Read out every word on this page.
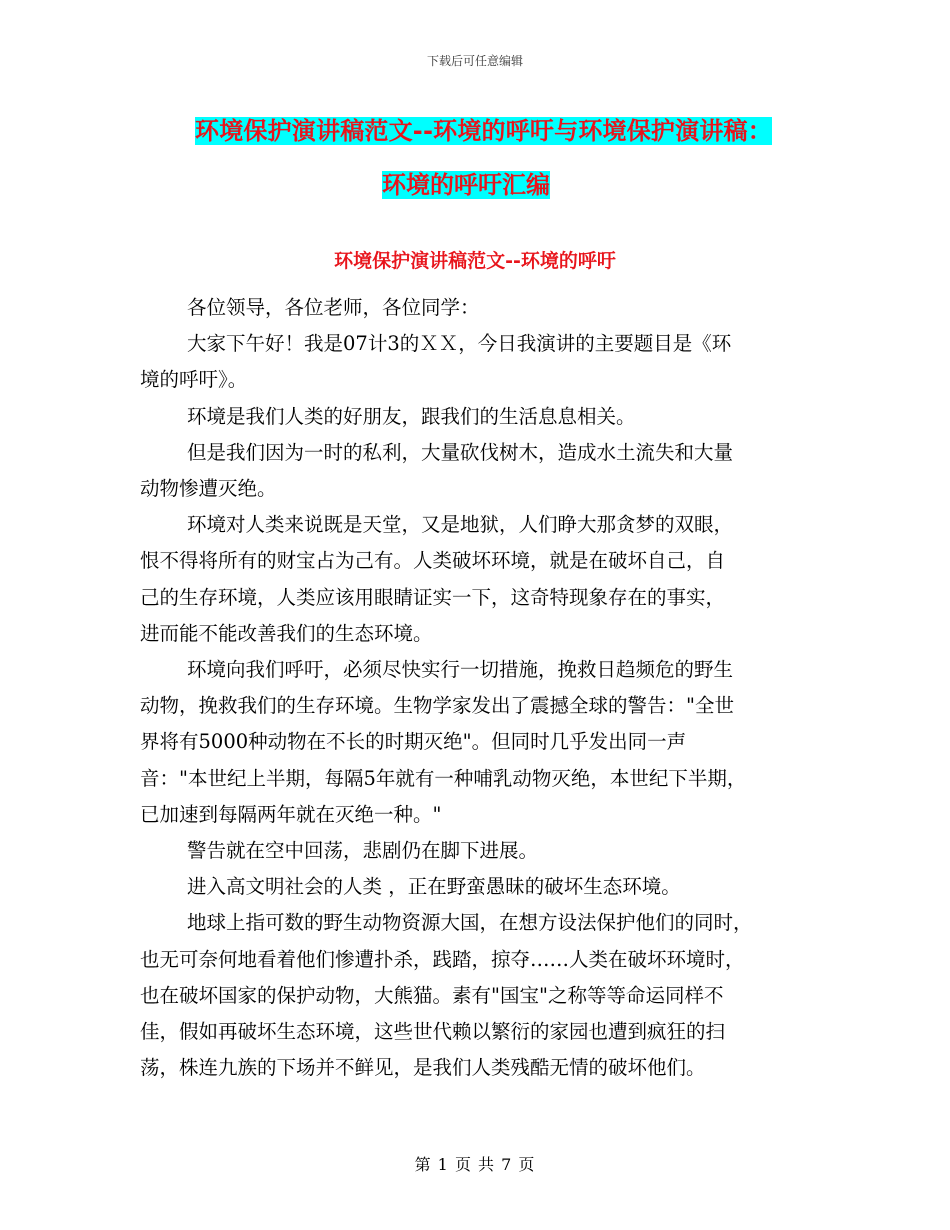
下载后可任意编辑
环境保护演讲稿范文--环境的呼吁与环境保护演讲稿：
环境的呼吁汇编
环境保护演讲稿范文--环境的呼吁

各位领导，各位老师，各位同学：

大家下午好！我是07计3的ＸＸ，今日我演讲的主要题目是《环
境的呼吁》。

环境是我们人类的好朋友，跟我们的生活息息相关。

但是我们因为一时的私利，大量砍伐树木，造成水土流失和大量
动物惨遭灭绝。

环境对人类来说既是天堂，又是地狱，人们睁大那贪梦的双眼，
恨不得将所有的财宝占为己有。人类破坏环境，就是在破坏自己，自
己的生存环境，人类应该用眼睛证实一下，这奇特现象存在的事实，
进而能不能改善我们的生态环境。

环境向我们呼吁，必须尽快实行一切措施，挽救日趋频危的野生
动物，挽救我们的生存环境。生物学家发出了震撼全球的警告："全世
界将有5000种动物在不长的时期灭绝"。但同时几乎发出同一声
音："本世纪上半期，每隔5年就有一种哺乳动物灭绝，本世纪下半期，
已加速到每隔两年就在灭绝一种。"

警告就在空中回荡，悲剧仍在脚下进展。

进入高文明社会的人类 ，正在野蛮愚昧的破坏生态环境。

地球上指可数的野生动物资源大国，在想方设法保护他们的同时，
也无可奈何地看着他们惨遭扑杀，践踏，掠夺……人类在破坏环境时，
也在破坏国家的保护动物，大熊猫。素有"国宝"之称等等命运同样不
佳，假如再破坏生态环境，这些世代赖以繁衍的家园也遭到疯狂的扫
荡，株连九族的下场并不鲜见，是我们人类残酷无情的破坏他们。

第 1 页 共 7 页
